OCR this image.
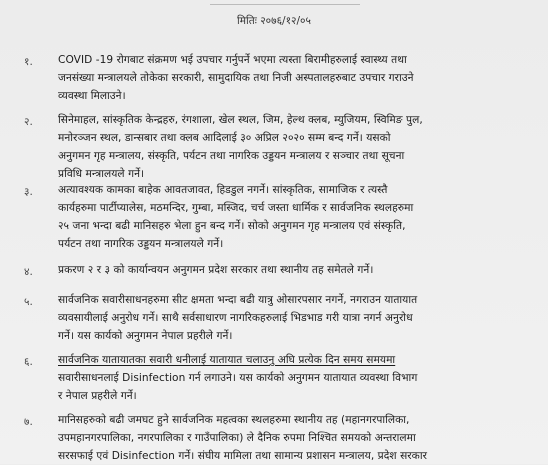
मितिः २०७६/१२/०५
१. COVID -19 रोगबाट संक्रमण भई उपचार गर्नुपर्ने भएमा त्यस्ता बिरामीहरुलाई स्वास्थ्य तथा
जनसंख्या मन्त्रालयले तोकेका सरकारी, सामुदायिक तथा निजी अस्पतालहरुबाट उपचार गराउने
व्यवस्था मिलाउने।
२. सिनेमाहल, सांस्कृतिक केन्द्रहरु, रंगशाला, खेल स्थल, जिम, हेल्थ क्लब, म्युजियम, स्विमिङ पुल,
मनोरञ्जन स्थल, डान्सबार तथा क्लब आदिलाई ३० अप्रिल २०२० सम्म बन्द गर्ने। यसको
अनुगमन गृह मन्त्रालय, संस्कृति, पर्यटन तथा नागरिक उड्डयन मन्त्रालय र सञ्चार तथा सूचना
प्रविधि मन्त्रालयले गर्ने।
३. अत्यावश्यक कामका बाहेक आवतजावत, हिडडुल नगर्ने। सांस्कृतिक, सामाजिक र त्यस्तै
कार्यहरुमा पार्टीप्यालेस, मठमन्दिर, गुम्बा, मस्जिद, चर्च जस्ता धार्मिक र सार्वजनिक स्थलहरुमा
२५ जना भन्दा बढी मानिसहरु भेला हुन बन्द गर्ने। सोको अनुगमन गृह मन्त्रालय एवं संस्कृति,
पर्यटन तथा नागरिक उड्डयन मन्त्रालयले गर्ने।
४. प्रकरण २ र ३ को कार्यान्वयन अनुगमन प्रदेश सरकार तथा स्थानीय तह समेतले गर्ने।
५. सार्वजनिक सवारीसाधनहरुमा सीट क्षमता भन्दा बढी यात्रु ओसारपसार नगर्ने, नगराउन यातायात
व्यवसायीलाई अनुरोध गर्ने। साथै सर्वसाधारण नागरिकहरुलाई भिडभाड गरी यात्रा नगर्न अनुरोध
गर्ने। यस कार्यको अनुगमन नेपाल प्रहरीले गर्ने।
६. सार्वजनिक यातायातका सवारी धनीलाई यातायात चलाउनु अघि प्रत्येक दिन समय समयमा
सवारीसाधनलाई Disinfection गर्न लगाउने। यस कार्यको अनुगमन यातायात व्यवस्था विभाग
र नेपाल प्रहरीले गर्ने।
७. मानिसहरुको बढी जमघट हुने सार्वजनिक महत्वका स्थलहरुमा स्थानीय तह (महानगरपालिका,
उपमहानगरपालिका, नगरपालिका र गाउँपालिका) ले दैनिक रुपमा निश्चित समयको अन्तरालमा
सरसफाई एवं Disinfection गर्ने। संघीय मामिला तथा सामान्य प्रशासन मन्त्रालय, प्रदेश सरकार
